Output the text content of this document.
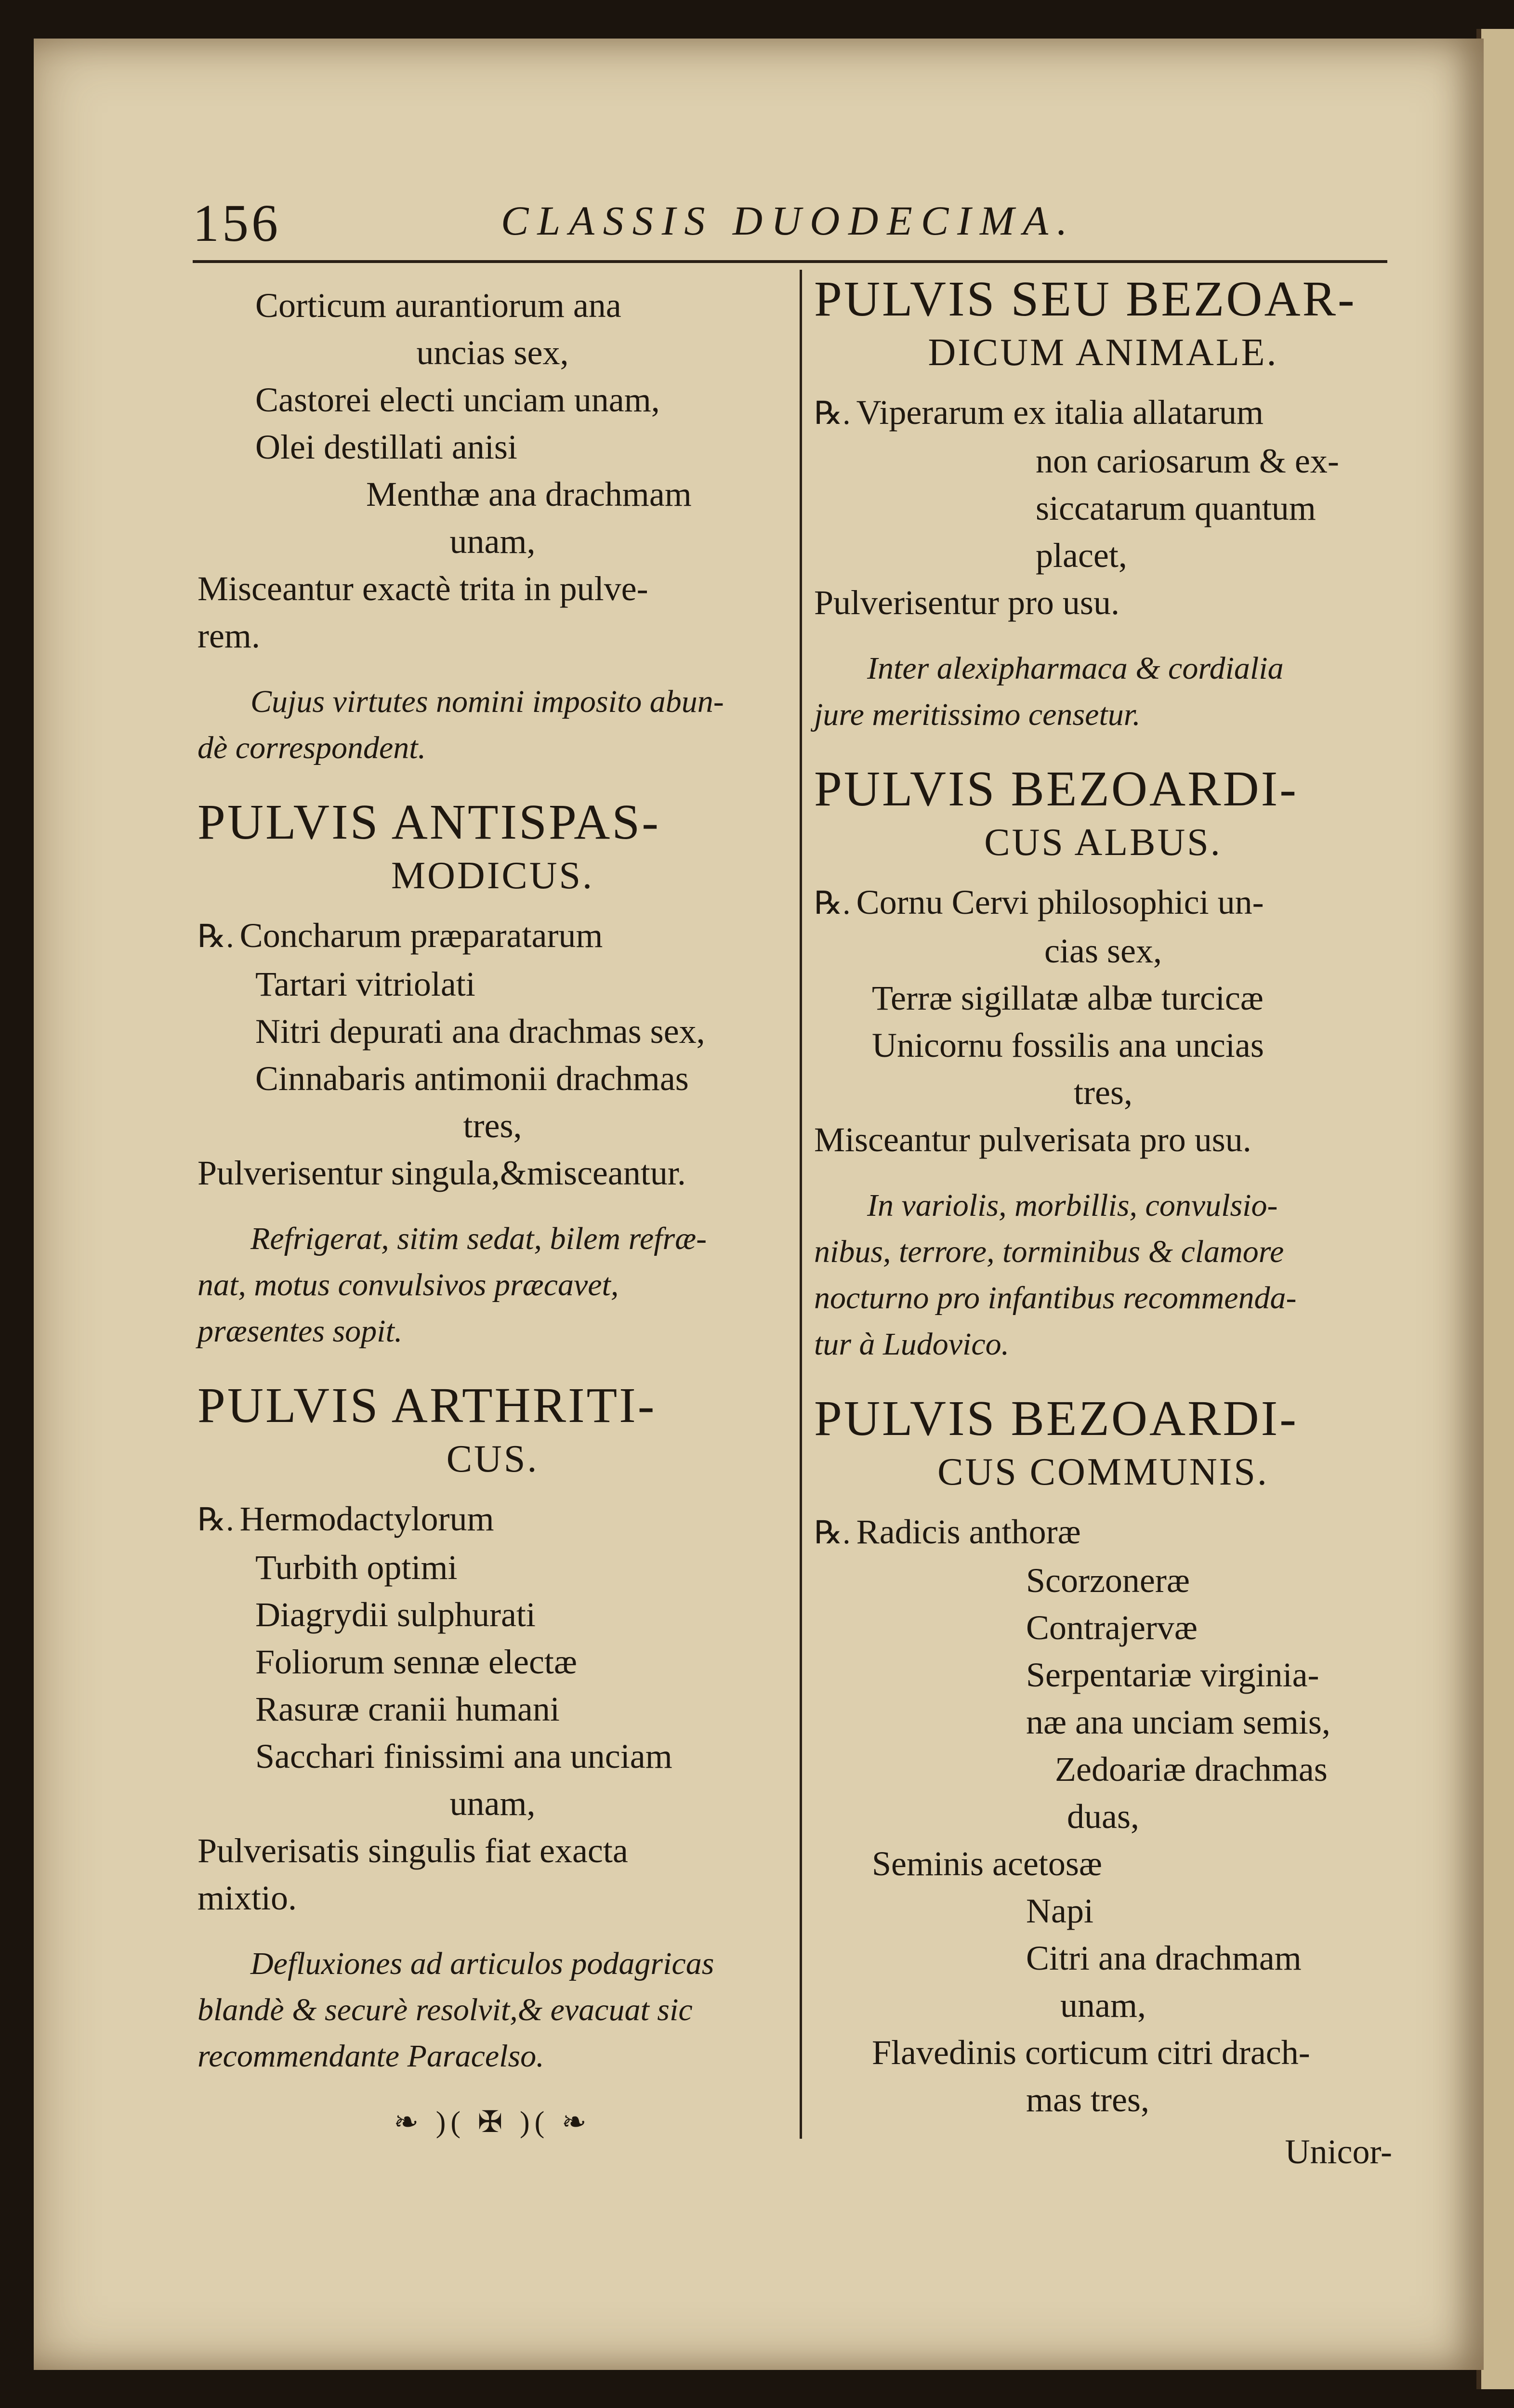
156	CLASSIS DUODECIMA.
Corticum aurantiorum ana
uncias sex,
Castorei electi unciam unam,
Olei destillati anisi
Menthæ ana drachmam
unam,
Misceantur exactè trita in pulve-
rem.
Cujus virtutes nomini imposito abun-
dè correspondent.
PULVIS ANTISPAS-
MODICUS.
℞. Concharum præparatarum
Tartari vitriolati
Nitri depurati ana drachmas sex,
Cinnabaris antimonii drachmas
tres,
Pulverisentur singula,&misceantur.
Refrigerat, sitim sedat, bilem refræ-
nat, motus convulsivos præcavet,
præsentes sopit.
PULVIS ARTHRITI-
CUS.
℞. Hermodactylorum
Turbith optimi
Diagrydii sulphurati
Foliorum sennæ electæ
Rasuræ cranii humani
Sacchari finissimi ana unciam
unam,
Pulverisatis singulis fiat exacta
mixtio.
Defluxiones ad articulos podagricas
blandè & securè resolvit,& evacuat sic
recommendante Paracelso.
❧ )( ✠ )( ❧
PULVIS SEU BEZOAR-
DICUM ANIMALE.
℞. Viperarum ex italia allatarum
non cariosarum & ex-
siccatarum quantum
placet,
Pulverisentur pro usu.
Inter alexipharmaca & cordialia
jure meritissimo censetur.
PULVIS BEZOARDI-
CUS ALBUS.
℞. Cornu Cervi philosophici un-
cias sex,
Terræ sigillatæ albæ turcicæ
Unicornu fossilis ana uncias
tres,
Misceantur pulverisata pro usu.
In variolis, morbillis, convulsio-
nibus, terrore, torminibus & clamore
nocturno pro infantibus recommenda-
tur à Ludovico.
PULVIS BEZOARDI-
CUS COMMUNIS.
℞. Radicis anthoræ
Scorzoneræ
Contrajervæ
Serpentariæ virginia-
næ ana unciam semis,
Zedoariæ drachmas
duas,
Seminis acetosæ
Napi
Citri ana drachmam
unam,
Flavedinis corticum citri drach-
mas tres,
Unicor-
